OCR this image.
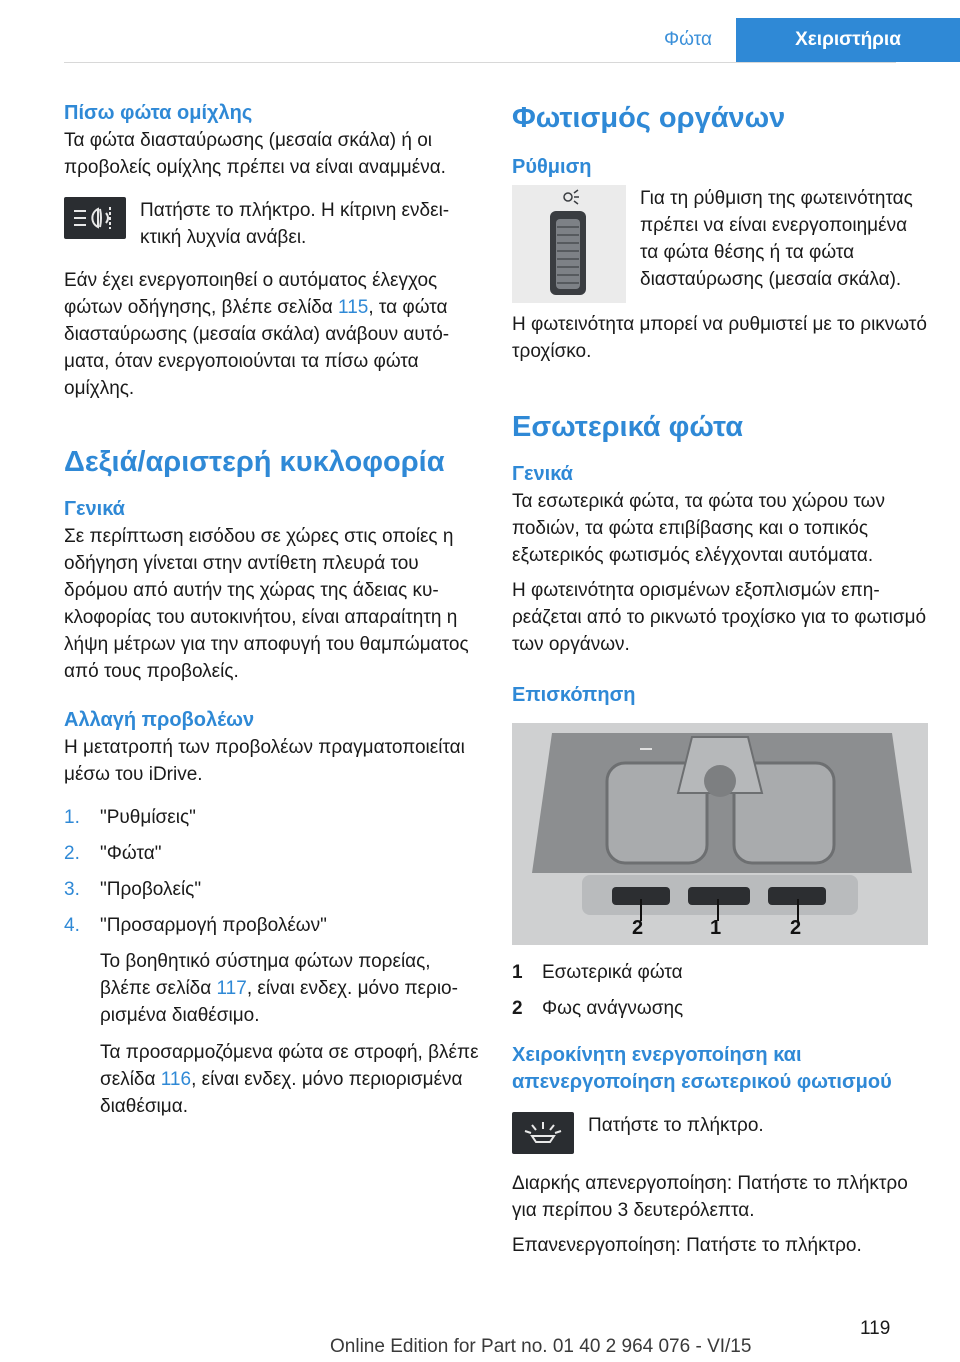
Φώτα	Χειριστήρια
Πίσω φώτα ομίχλης

Τα φώτα διασταύρωσης (μεσαία σκάλα) ή οι προβολείς ομίχλης πρέπει να είναι αναμμένα.

Πατήστε το πλήκτρο. Η κίτρινη ενδεικτική λυχνία ανάβει.

Εάν έχει ενεργοποιηθεί ο αυτόματος έλεγχος φώτων οδήγησης, βλέπε σελίδα 115, τα φώτα διασταύρωσης (μεσαία σκάλα) ανάβουν αυτόματα, όταν ενεργοποιούνται τα πίσω φώτα ομίχλης.

Δεξιά/αριστερή κυκλοφορία
Γενικά

Σε περίπτωση εισόδου σε χώρες στις οποίες η οδήγηση γίνεται στην αντίθετη πλευρά του δρόμου από αυτήν της χώρας της άδειας κυκλοφορίας του αυτοκινήτου, είναι απαραίτητη η λήψη μέτρων για την αποφυγή του θαμπώματος από τους προβολείς.

Αλλαγή προβολέων

Η μετατροπή των προβολέων πραγματοποιείται μέσω του iDrive.

1.	"Ρυθμίσεις"
2.	"Φώτα"
3.	"Προβολείς"
4.	"Προσαρμογή προβολέων"

Το βοηθητικό σύστημα φώτων πορείας, βλέπε σελίδα 117, είναι ενδεχ. μόνο περιορισμένα διαθέσιμο.

Τα προσαρμοζόμενα φώτα σε στροφή, βλέπε σελίδα 116, είναι ενδεχ. μόνο περιορισμένα διαθέσιμα.

Φωτισμός οργάνων
Ρύθμιση

Για τη ρύθμιση της φωτεινότητας πρέπει να είναι ενεργοποιημένα τα φώτα θέσης ή τα φώτα διασταύρωσης (μεσαία σκάλα).

Η φωτεινότητα μπορεί να ρυθμιστεί με το ρικνωτό τροχίσκο.

Εσωτερικά φώτα
Γενικά

Τα εσωτερικά φώτα, τα φώτα του χώρου των ποδιών, τα φώτα επιβίβασης και ο τοπικός εξωτερικός φωτισμός ελέγχονται αυτόματα.

Η φωτεινότητα ορισμένων εξοπλισμών επηρεάζεται από το ρικνωτό τροχίσκο για το φωτισμό των οργάνων.

Επισκόπηση
2	1	2
1	Εσωτερικά φώτα
2	Φως ανάγνωσης
Χειροκίνητη ενεργοποίηση και απενεργοποίηση εσωτερικού φωτισμού

Πατήστε το πλήκτρο.

Διαρκής απενεργοποίηση: Πατήστε το πλήκτρο για περίπου 3 δευτερόλεπτα.

Επανενεργοποίηση: Πατήστε το πλήκτρο.

119
Online Edition for Part no. 01 40 2 964 076 - VI/15
